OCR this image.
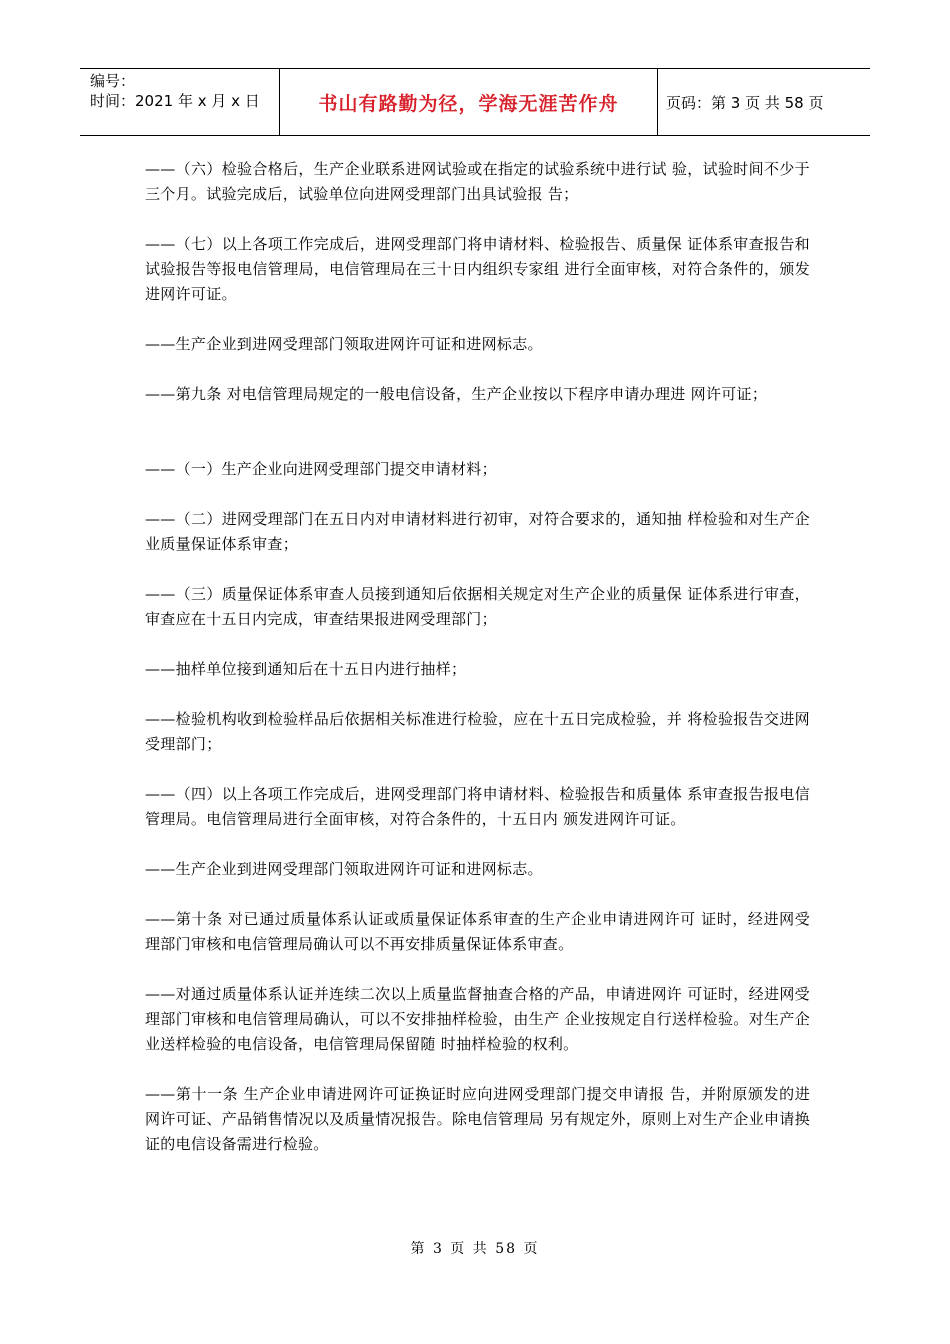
编号：
时间：2021 年 x 月 x 日	书山有路勤为径，学海无涯苦作舟	页码：第 3 页 共 58 页

——（六）检验合格后，生产企业联系进网试验或在指定的试验系统中进行试 验，试验时间不少于三个月。试验完成后，试验单位向进网受理部门出具试验报 告；

——（七）以上各项工作完成后，进网受理部门将申请材料、检验报告、质量保 证体系审查报告和试验报告等报电信管理局，电信管理局在三十日内组织专家组 进行全面审核，对符合条件的，颁发进网许可证。

——生产企业到进网受理部门领取进网许可证和进网标志。

——第九条 对电信管理局规定的一般电信设备，生产企业按以下程序申请办理进 网许可证；

——（一）生产企业向进网受理部门提交申请材料；

——（二）进网受理部门在五日内对申请材料进行初审，对符合要求的，通知抽 样检验和对生产企业质量保证体系审查；

——（三）质量保证体系审查人员接到通知后依据相关规定对生产企业的质量保 证体系进行审查，审查应在十五日内完成，审查结果报进网受理部门；

——抽样单位接到通知后在十五日内进行抽样；

——检验机构收到检验样品后依据相关标准进行检验，应在十五日完成检验，并 将检验报告交进网受理部门；

——（四）以上各项工作完成后，进网受理部门将申请材料、检验报告和质量体 系审查报告报电信管理局。电信管理局进行全面审核，对符合条件的，十五日内 颁发进网许可证。

——生产企业到进网受理部门领取进网许可证和进网标志。

——第十条 对已通过质量体系认证或质量保证体系审查的生产企业申请进网许可 证时，经进网受理部门审核和电信管理局确认可以不再安排质量保证体系审查。

——对通过质量体系认证并连续二次以上质量监督抽查合格的产品，申请进网许 可证时，经进网受理部门审核和电信管理局确认，可以不安排抽样检验，由生产 企业按规定自行送样检验。对生产企业送样检验的电信设备，电信管理局保留随 时抽样检验的权利。

——第十一条 生产企业申请进网许可证换证时应向进网受理部门提交申请报 告，并附原颁发的进网许可证、产品销售情况以及质量情况报告。除电信管理局 另有规定外，原则上对生产企业申请换证的电信设备需进行检验。

第 3 页 共 58 页
